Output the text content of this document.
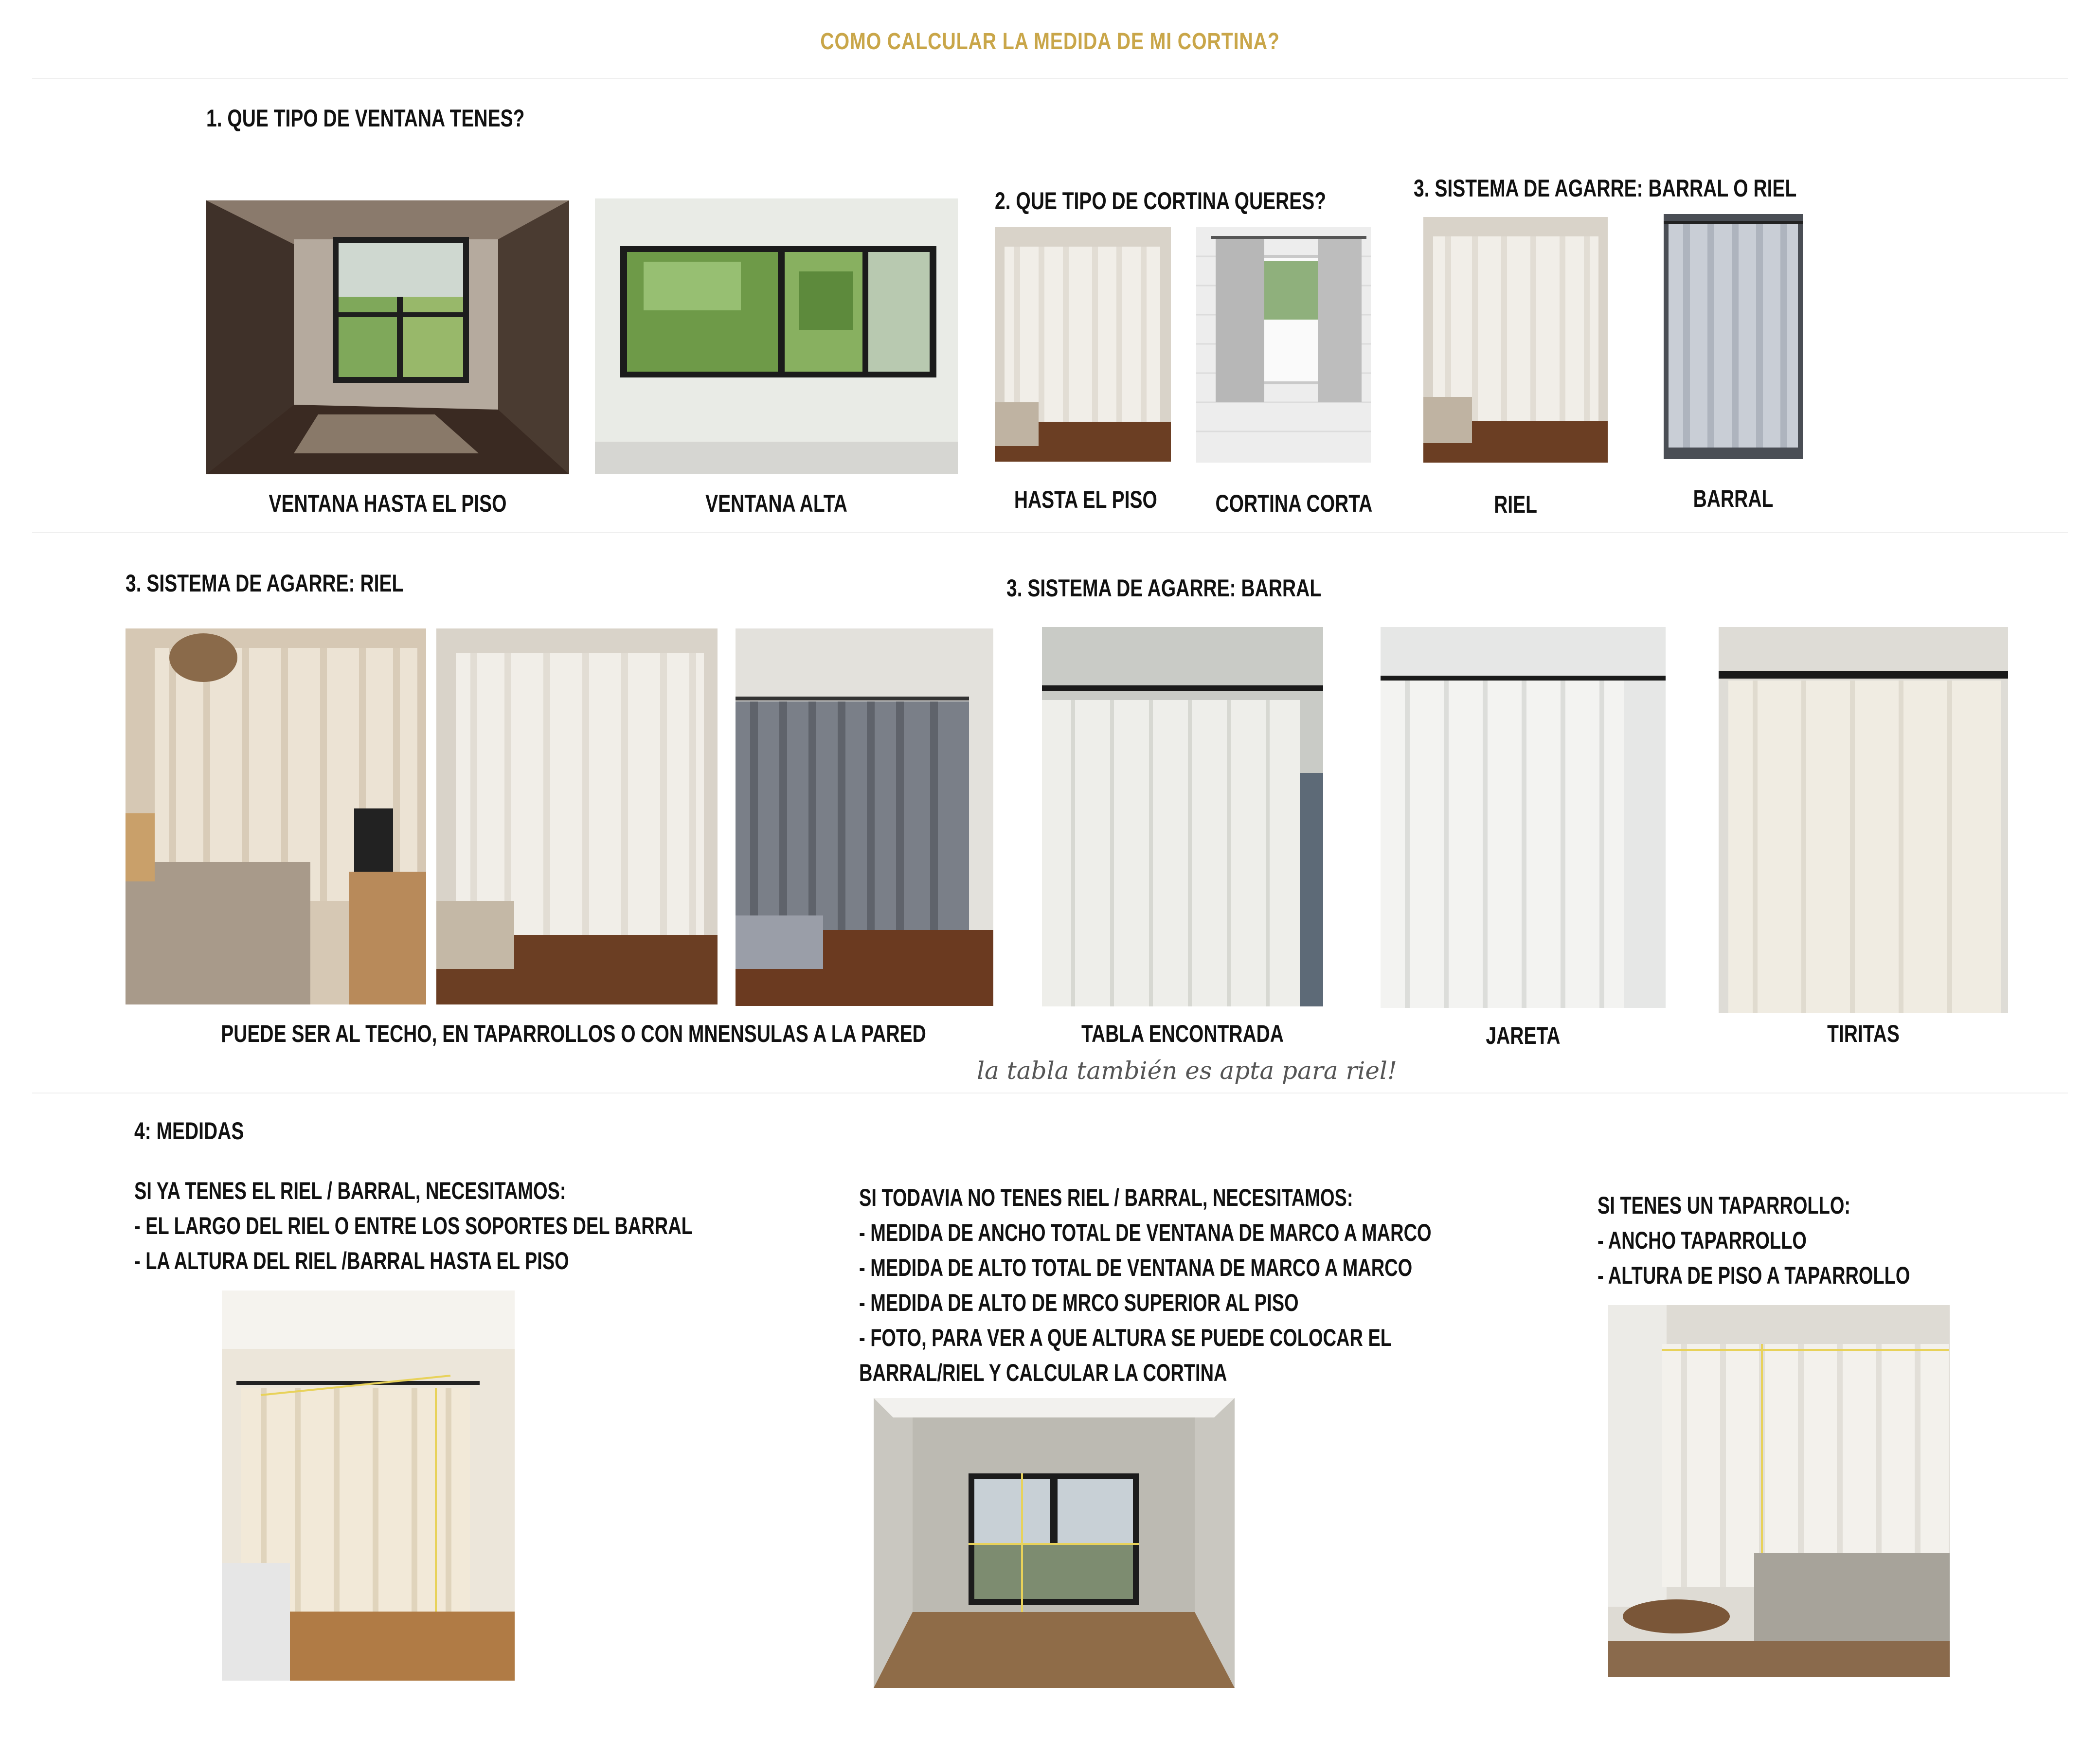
COMO CALCULAR LA MEDIDA DE MI CORTINA?
1. QUE TIPO DE VENTANA TENES?
VENTANA HASTA EL PISO	VENTANA ALTA
2. QUE TIPO DE CORTINA QUERES?
HASTA EL PISO CORTINA CORTA
3. SISTEMA DE AGARRE: BARRAL O RIEL
RIEL	BARRAL
3. SISTEMA DE AGARRE: RIEL
PUEDE SER AL TECHO, EN TAPARROLLOS O CON MNENSULAS A LA PARED
3. SISTEMA DE AGARRE: BARRAL
TABLA ENCONTRADA	JARETA	TIRITAS
la tabla también es apta para riel!
4: MEDIDAS
SI YA TENES EL RIEL / BARRAL, NECESITAMOS:
- EL LARGO DEL RIEL O ENTRE LOS SOPORTES DEL BARRAL
- LA ALTURA DEL RIEL /BARRAL HASTA EL PISO
SI TODAVIA NO TENES RIEL / BARRAL, NECESITAMOS:
- MEDIDA DE ANCHO TOTAL DE VENTANA DE MARCO A MARCO
- MEDIDA DE ALTO TOTAL DE VENTANA DE MARCO A MARCO
- MEDIDA DE ALTO DE MRCO SUPERIOR AL PISO
- FOTO, PARA VER A QUE ALTURA SE PUEDE COLOCAR EL
BARRAL/RIEL Y CALCULAR LA CORTINA
SI TENES UN TAPARROLLO:
- ANCHO TAPARROLLO
- ALTURA DE PISO A TAPARROLLO
